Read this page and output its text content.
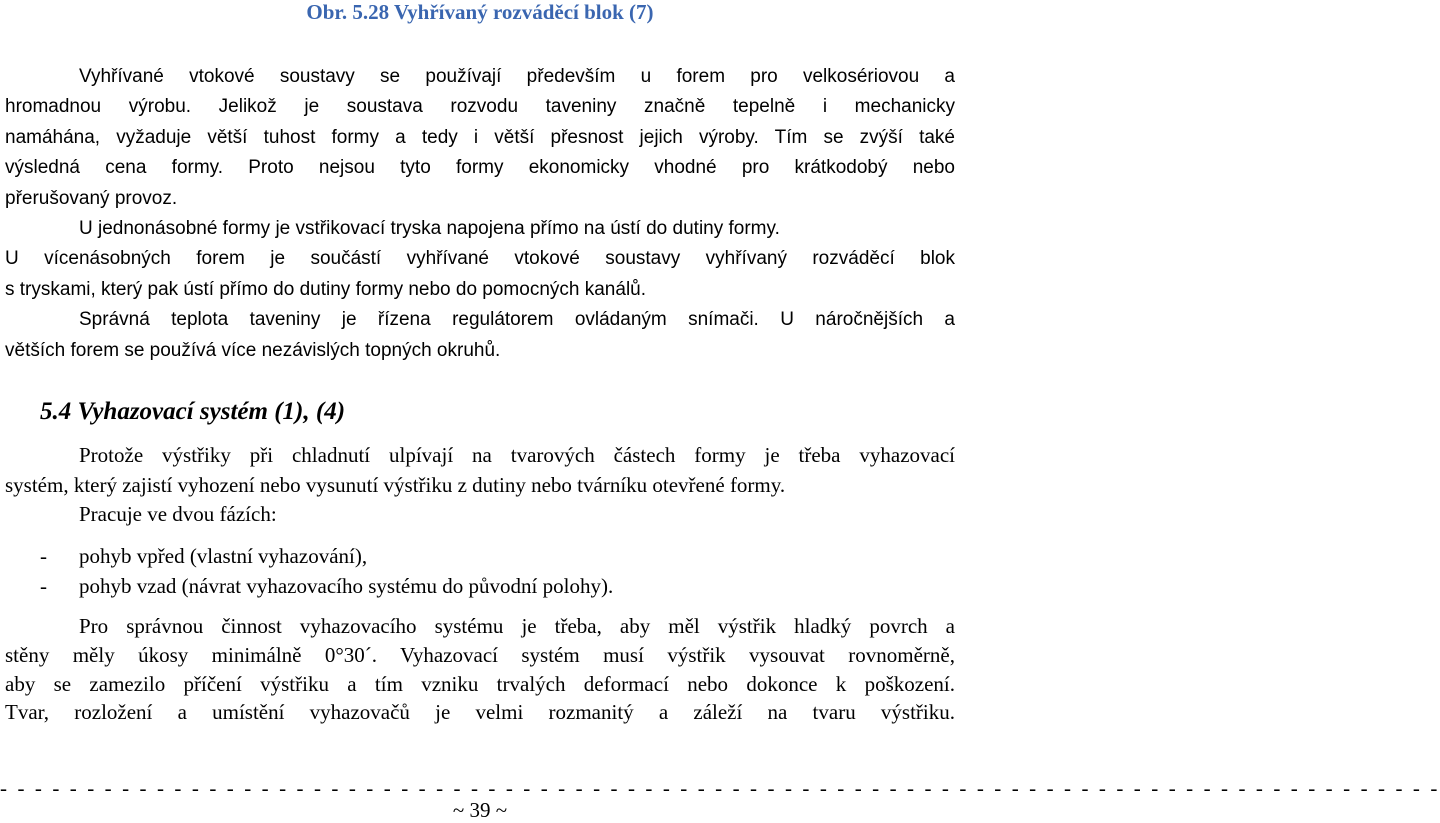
Obr. 5.28 Vyhřívaný rozváděcí blok (7)
Vyhřívané vtokové soustavy se používají především u forem pro velkosériovou a
hromadnou výrobu. Jelikož je soustava rozvodu taveniny značně tepelně i mechanicky
namáhána, vyžaduje větší tuhost formy a tedy i větší přesnost jejich výroby. Tím se zvýší také
výsledná cena formy. Proto nejsou tyto formy ekonomicky vhodné pro krátkodobý nebo
přerušovaný provoz.
U jednonásobné formy je vstřikovací tryska napojena přímo na ústí do dutiny formy.
U vícenásobných forem je součástí vyhřívané vtokové soustavy vyhřívaný rozváděcí blok
s tryskami, který pak ústí přímo do dutiny formy nebo do pomocných kanálů.
Správná teplota taveniny je řízena regulátorem ovládaným snímači. U náročnějších a
větších forem se používá více nezávislých topných okruhů.
5.4 Vyhazovací systém (1), (4)
Protože výstřiky při chladnutí ulpívají na tvarových částech formy je třeba vyhazovací
systém, který zajistí vyhození nebo vysunutí výstřiku z dutiny nebo tvárníku otevřené formy.
Pracuje ve dvou fázích:
- pohyb vpřed (vlastní vyhazování),
- pohyb vzad (návrat vyhazovacího systému do původní polohy).
Pro správnou činnost vyhazovacího systému je třeba, aby měl výstřik hladký povrch a
stěny měly úkosy minimálně 0°30´. Vyhazovací systém musí výstřik vysouvat rovnoměrně,
aby se zamezilo příčení výstřiku a tím vzniku trvalých deformací nebo dokonce k poškození.
Tvar, rozložení a umístění vyhazovačů je velmi rozmanitý a záleží na tvaru výstřiku.
- - - - - - - - - - - - - - - - - - - - - - - - - - - - - - - - - - - - - - - - - - - - - - - - - - - - - - - - - - - - - - - - - - - - - - - - - - - - - - - - - - -
~ 39 ~
